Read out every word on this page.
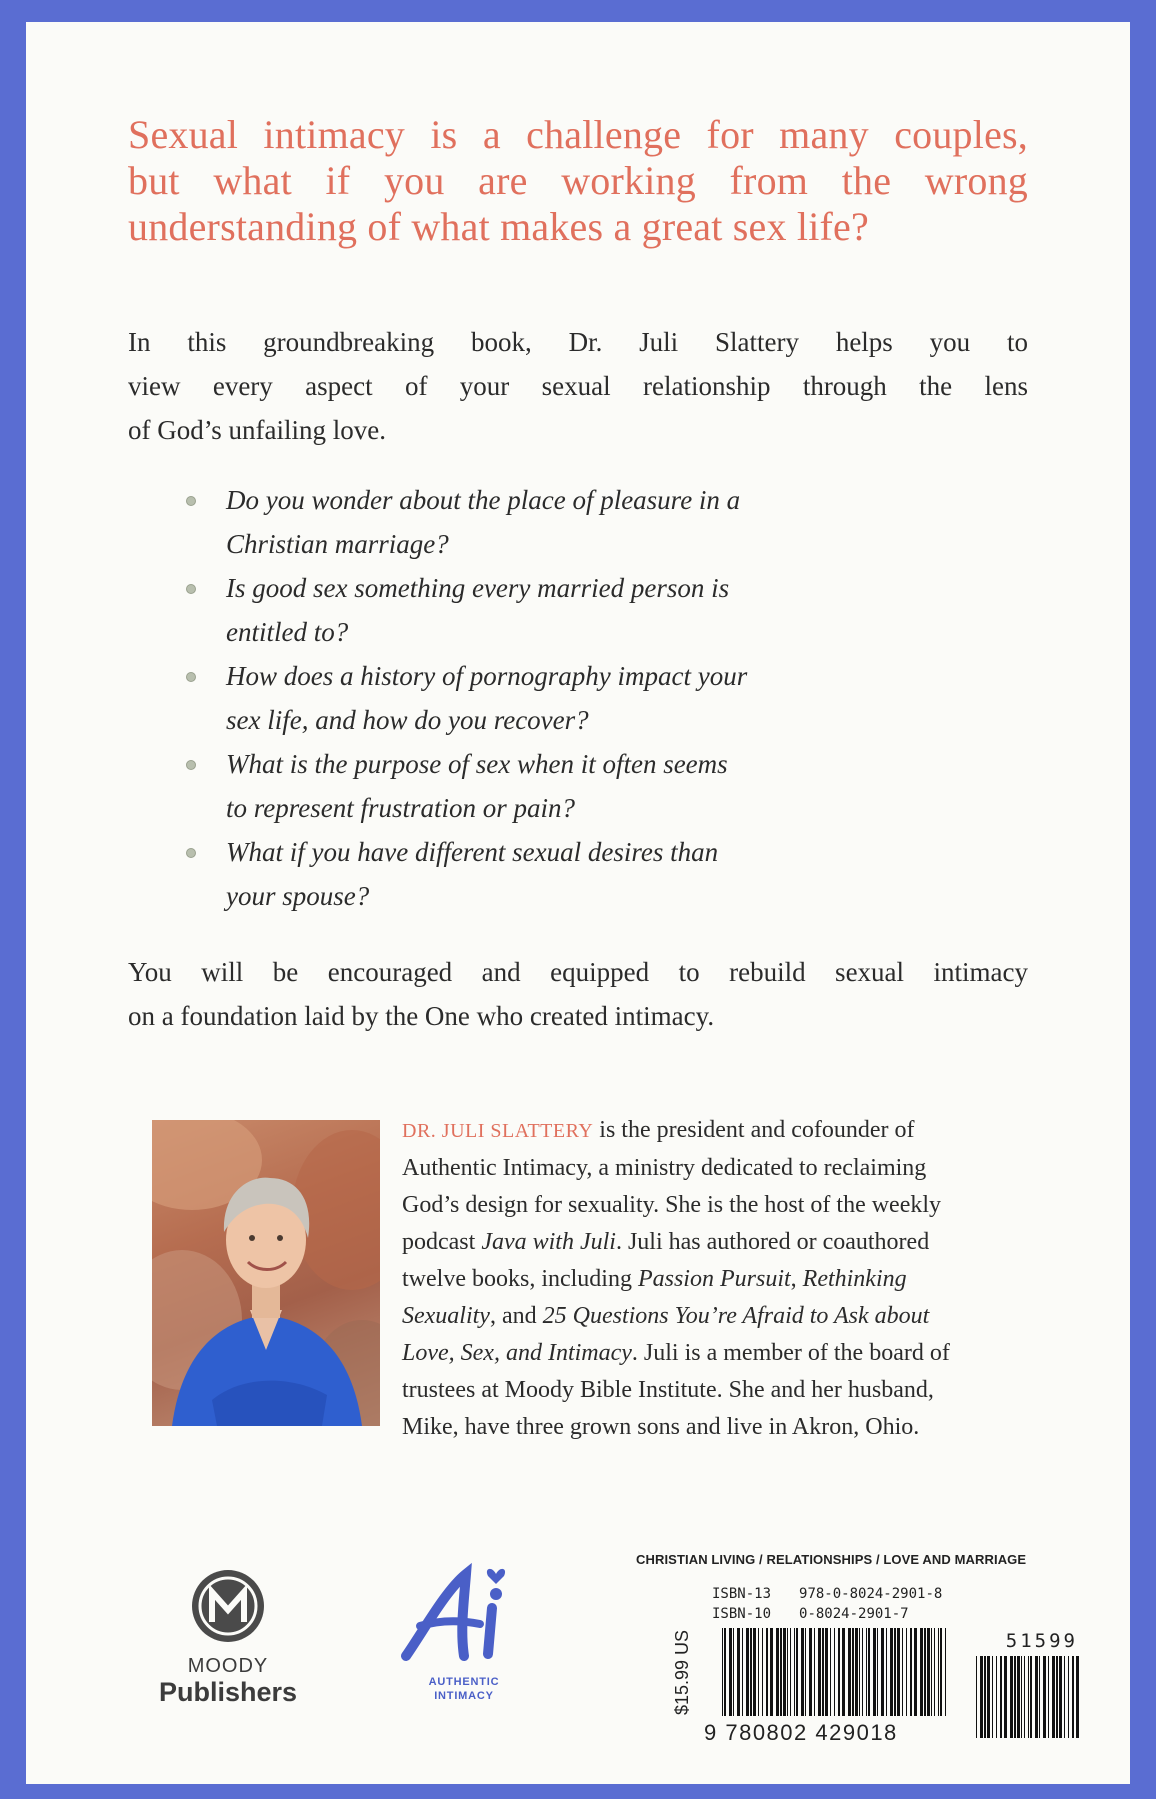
Sexual intimacy is a challenge for many couples,
but what if you are working from the wrong
understanding of what makes a great sex life?
In this groundbreaking book, Dr. Juli Slattery helps you to
view every aspect of your sexual relationship through the lens
of God’s unfailing love.
Do you wonder about the place of pleasure in a
Christian marriage?
Is good sex something every married person is
entitled to?
How does a history of pornography impact your
sex life, and how do you recover?
What is the purpose of sex when it often seems
to represent frustration or pain?
What if you have different sexual desires than
your spouse?
You will be encouraged and equipped to rebuild sexual intimacy
on a foundation laid by the One who created intimacy.
DR. JULI SLATTERY is the president and cofounder of
Authentic Intimacy, a ministry dedicated to reclaiming
God’s design for sexuality. She is the host of the weekly
podcast Java with Juli. Juli has authored or coauthored
twelve books, including Passion Pursuit, Rethinking
Sexuality, and 25 Questions You’re Afraid to Ask about
Love, Sex, and Intimacy. Juli is a member of the board of
trustees at Moody Bible Institute. She and her husband,
Mike, have three grown sons and live in Akron, Ohio.
MOODY
Publishers	AUTHENTIC
INTIMACY
CHRISTIAN LIVING / RELATIONSHIPS / LOVE AND MARRIAGE
$15.99 US
ISBN-13 978-0-8024-2901-8
ISBN-10 0-8024-2901-7
51599
9 780802 429018
